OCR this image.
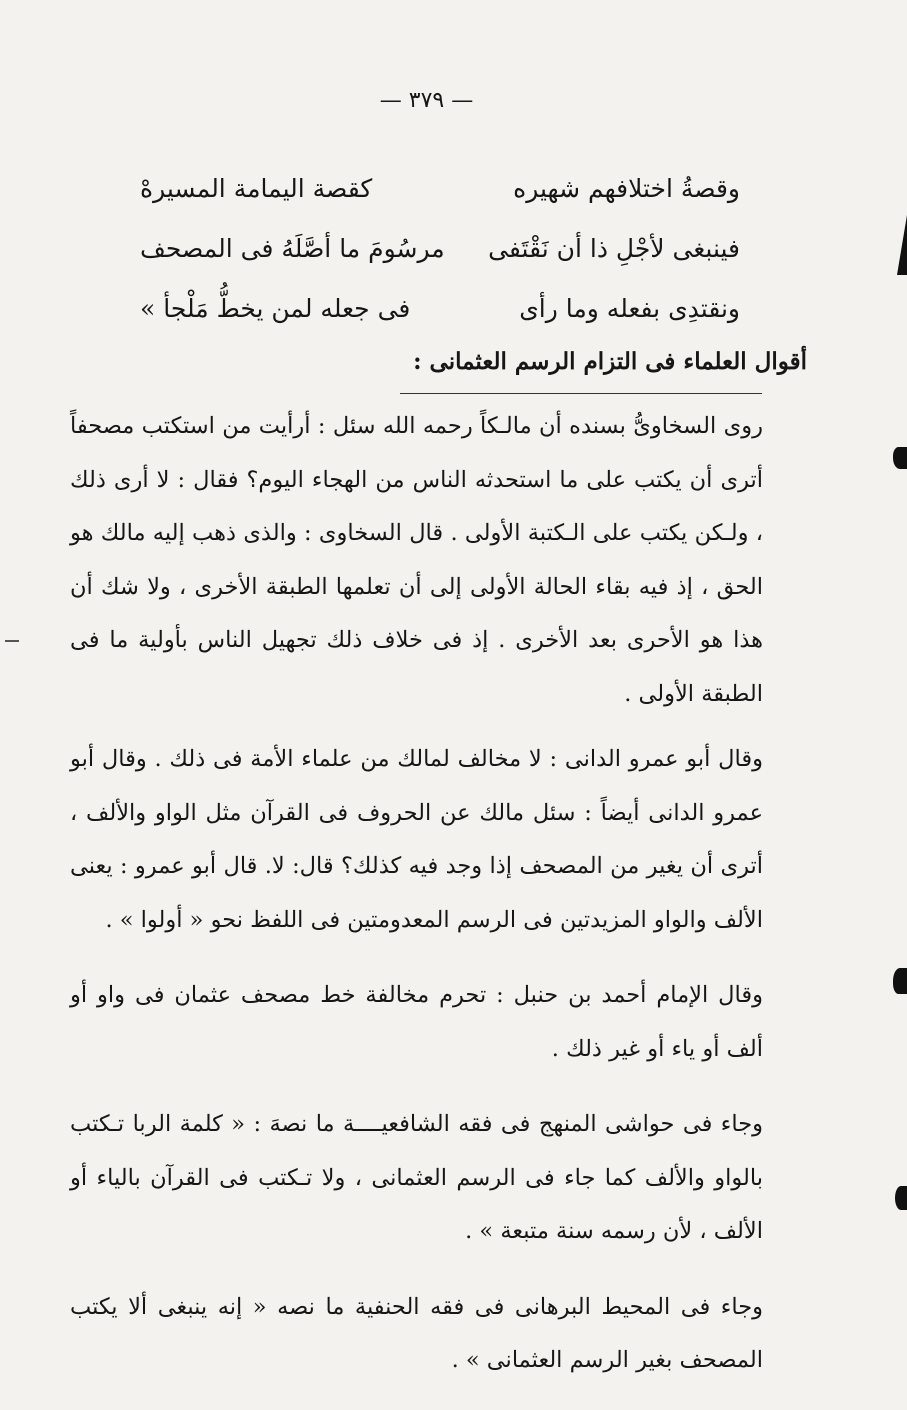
— ٣٧٩ —
وقصةُ اختلافهم شهيره
كقصة اليمامة المسيرهْ
فينبغى لأجْلِ ذا أن نَقْتَفى
مرسُومَ ما أصَّلَهُ فى المصحف
ونقتدِى بفعله وما رأى
فى جعله لمن يخطُّ مَلْجأ »
أقوال العلماء فى التزام الرسم العثمانى :

روى السخاوىُّ بسنده أن مالـكاً رحمه الله سئل : أرأيت من استكتب مصحفاً أترى أن يكتب على ما استحدثه الناس من الهجاء اليوم؟ فقال : لا أرى ذلك ، ولـكن يكتب على الـكتبة الأولى . قال السخاوى : والذى ذهب إليه مالك هو الحق ، إذ فيه بقاء الحالة الأولى إلى أن تعلمها الطبقة الأخرى ، ولا شك أن هذا هو الأحرى بعد الأخرى . إذ فى خلاف ذلك تجهيل الناس بأولية ما فى الطبقة الأولى .

وقال أبو عمرو الدانى : لا مخالف لمالك من علماء الأمة فى ذلك . وقال أبو عمرو الدانى أيضاً : سئل مالك عن الحروف فى القرآن مثل الواو والألف ، أترى أن يغير من المصحف إذا وجد فيه كذلك؟ قال: لا. قال أبو عمرو : يعنى الألف والواو المزيدتين فى الرسم المعدومتين فى اللفظ نحو « أولوا » .

وقال الإمام أحمد بن حنبل : تحرم مخالفة خط مصحف عثمان فى واو أو ألف أو ياء أو غير ذلك .

وجاء فى حواشى المنهج فى فقه الشافعيــــة ما نصهَ : « كلمة الربا تـكتب بالواو والألف كما جاء فى الرسم العثمانى ، ولا تـكتب فى القرآن بالياء أو الألف ، لأن رسمه سنة متبعة » .

وجاء فى المحيط البرهانى فى فقه الحنفية ما نصه « إنه ينبغى ألا يكتب المصحف بغير الرسم العثمانى » .
